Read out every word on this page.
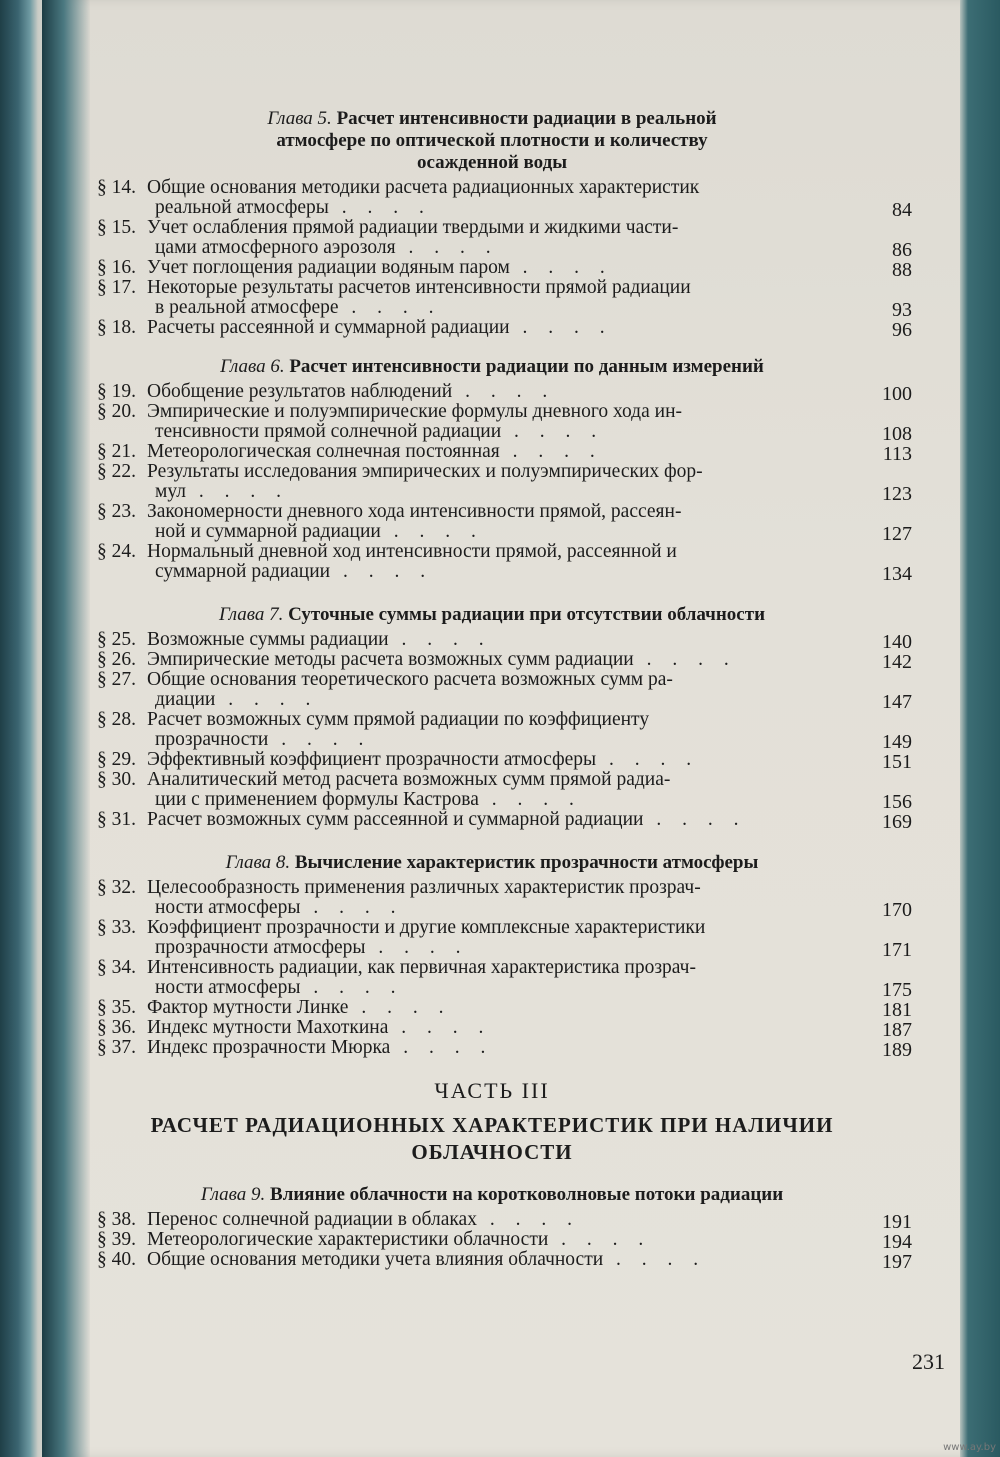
Глава 5. Расчет интенсивности радиации в реальной
атмосфере по оптической плотности и количеству
осажденной воды
§ 14. Общие основания методики расчета радиационных характеристик
реальной атмосферы . . . .	84
§ 15. Учет ослабления прямой радиации твердыми и жидкими части-
цами атмосферного аэрозоля . . . .	86
§ 16. Учет поглощения радиации водяным паром . . . .	88
§ 17. Некоторые результаты расчетов интенсивности прямой радиации
в реальной атмосфере . . . .	93
§ 18. Расчеты рассеянной и суммарной радиации . . . .	96
Глава 6. Расчет интенсивности радиации по данным измерений
§ 19. Обобщение результатов наблюдений . . . .	100
§ 20. Эмпирические и полуэмпирические формулы дневного хода ин-
тенсивности прямой солнечной радиации . . . .	108
§ 21. Метеорологическая солнечная постоянная . . . .	113
§ 22. Результаты исследования эмпирических и полуэмпирических фор-
мул . . . .	123
§ 23. Закономерности дневного хода интенсивности прямой, рассеян-
ной и суммарной радиации . . . .	127
§ 24. Нормальный дневной ход интенсивности прямой, рассеянной и
суммарной радиации . . . .	134
Глава 7. Суточные суммы радиации при отсутствии облачности
§ 25. Возможные суммы радиации . . . .	140
§ 26. Эмпирические методы расчета возможных сумм радиации . . . .	142
§ 27. Общие основания теоретического расчета возможных сумм ра-
диации . . . .	147
§ 28. Расчет возможных сумм прямой радиации по коэффициенту
прозрачности . . . .	149
§ 29. Эффективный коэффициент прозрачности атмосферы . . . .	151
§ 30. Аналитический метод расчета возможных сумм прямой радиа-
ции с применением формулы Кастрова . . . .	156
§ 31. Расчет возможных сумм рассеянной и суммарной радиации . . . .	169
Глава 8. Вычисление характеристик прозрачности атмосферы
§ 32. Целесообразность применения различных характеристик прозрач-
ности атмосферы . . . .	170
§ 33. Коэффициент прозрачности и другие комплексные характеристики
прозрачности атмосферы . . . .	171
§ 34. Интенсивность радиации, как первичная характеристика прозрач-
ности атмосферы . . . .	175
§ 35. Фактор мутности Линке . . . .	181
§ 36. Индекс мутности Махоткина . . . .	187
§ 37. Индекс прозрачности Мюрка . . . .	189
ЧАСТЬ III
РАСЧЕТ РАДИАЦИОННЫХ ХАРАКТЕРИСТИК ПРИ НАЛИЧИИ
ОБЛАЧНОСТИ
Глава 9. Влияние облачности на коротковолновые потоки радиации
§ 38. Перенос солнечной радиации в облаках . . . .	191
§ 39. Метеорологические характеристики облачности . . . .	194
§ 40. Общие основания методики учета влияния облачности . . . .	197
231
www.ay.by
